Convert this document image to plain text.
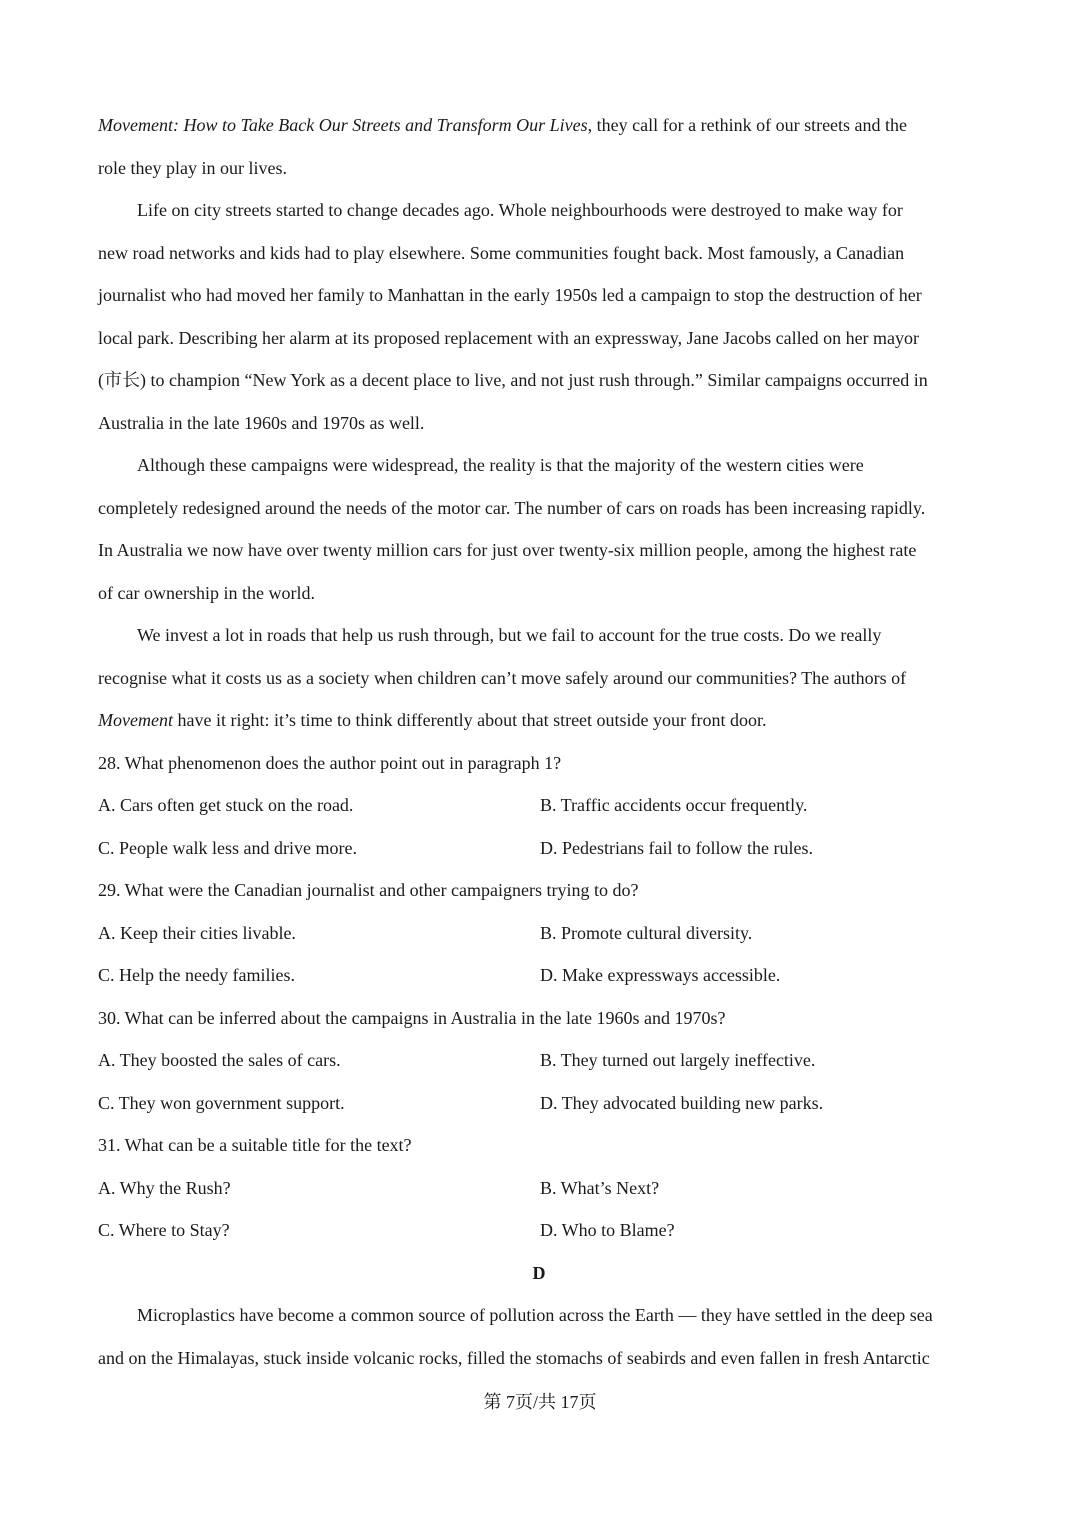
Movement: How to Take Back Our Streets and Transform Our Lives, they call for a rethink of our streets and the
role they play in our lives.
Life on city streets started to change decades ago. Whole neighbourhoods were destroyed to make way for
new road networks and kids had to play elsewhere. Some communities fought back. Most famously, a Canadian
journalist who had moved her family to Manhattan in the early 1950s led a campaign to stop the destruction of her
local park. Describing her alarm at its proposed replacement with an expressway, Jane Jacobs called on her mayor
(市长) to champion “New York as a decent place to live, and not just rush through.” Similar campaigns occurred in
Australia in the late 1960s and 1970s as well.
Although these campaigns were widespread, the reality is that the majority of the western cities were
completely redesigned around the needs of the motor car. The number of cars on roads has been increasing rapidly.
In Australia we now have over twenty million cars for just over twenty-six million people, among the highest rate
of car ownership in the world.
We invest a lot in roads that help us rush through, but we fail to account for the true costs. Do we really
recognise what it costs us as a society when children can’t move safely around our communities? The authors of
Movement have it right: it’s time to think differently about that street outside your front door.
28. What phenomenon does the author point out in paragraph 1?
A. Cars often get stuck on the road.	B. Traffic accidents occur frequently.
C. People walk less and drive more.	D. Pedestrians fail to follow the rules.
29. What were the Canadian journalist and other campaigners trying to do?
A. Keep their cities livable.	B. Promote cultural diversity.
C. Help the needy families.	D. Make expressways accessible.
30. What can be inferred about the campaigns in Australia in the late 1960s and 1970s?
A. They boosted the sales of cars.	B. They turned out largely ineffective.
C. They won government support.	D. They advocated building new parks.
31. What can be a suitable title for the text?
A. Why the Rush?	B. What’s Next?
C. Where to Stay?	D. Who to Blame?
D
Microplastics have become a common source of pollution across the Earth — they have settled in the deep sea
and on the Himalayas, stuck inside volcanic rocks, filled the stomachs of seabirds and even fallen in fresh Antarctic
第 7页/共 17页
